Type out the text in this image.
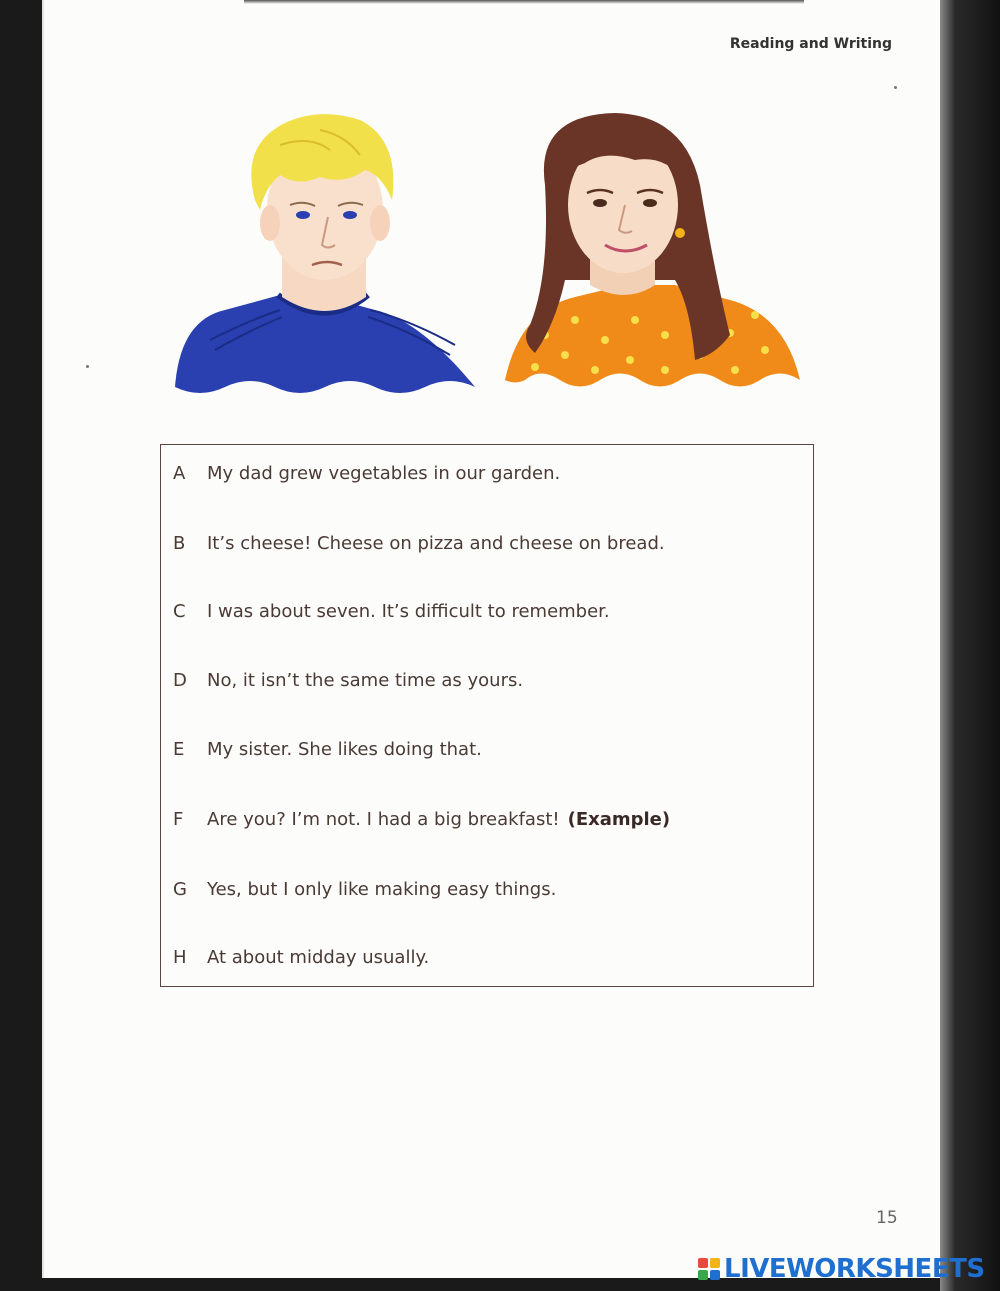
Reading and Writing
A	My dad grew vegetables in our garden.
B	It’s cheese! Cheese on pizza and cheese on bread.
C	I was about seven. It’s difficult to remember.
D	No, it isn’t the same time as yours.
E	My sister. She likes doing that.
F	Are you? I’m not. I had a big breakfast! (Example)
G	Yes, but I only like making easy things.
H	At about midday usually.
15
LIVEWORKSHEETS
